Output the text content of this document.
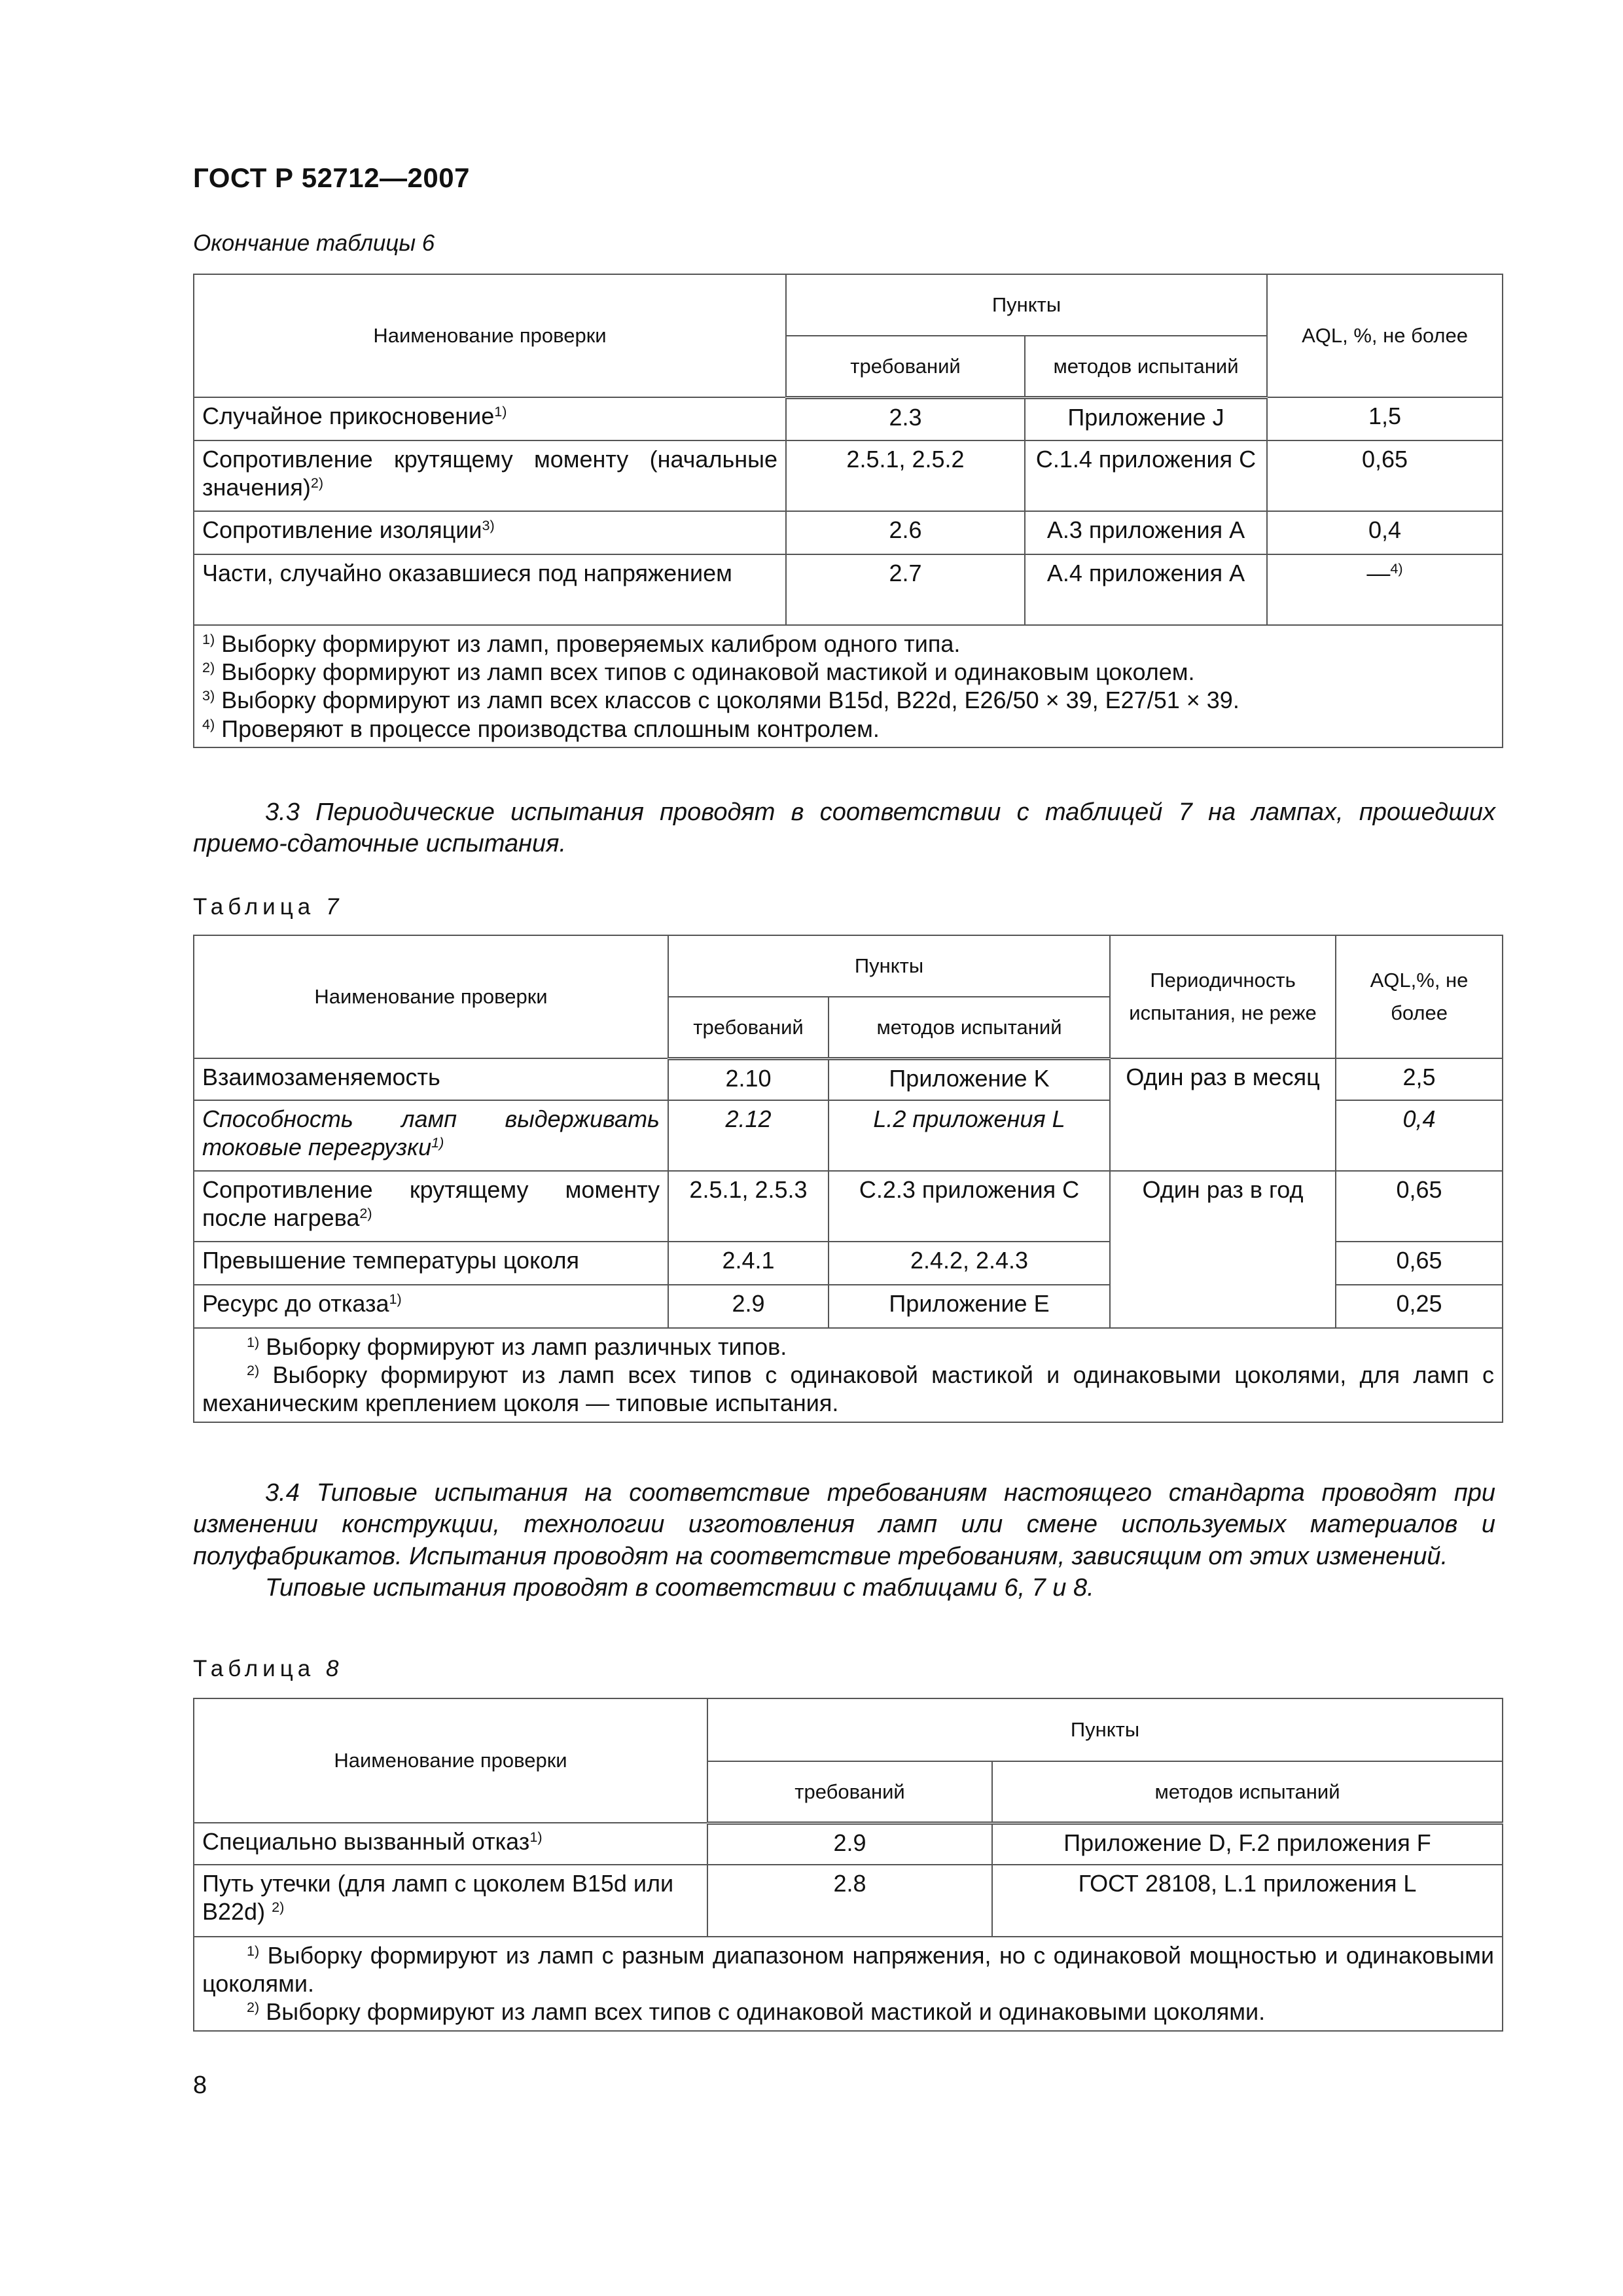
ГОСТ Р 52712—2007
Окончание таблицы 6
Наименование проверки	Пункты		AQL, %, не более
	требований	методов испытаний	
Случайное прикосновение$^{1)}$	2.3	Приложение J	1,5
Сопротивление крутящему моменту (начальные значения)$^{2)}$	2.5.1, 2.5.2	C.1.4 приложения C	0,65
Сопротивление изоляции$^{3)}$	2.6	A.3 приложения A	0,4
Части, случайно оказавшиеся под напряжением	2.7	A.4 приложения A	—$^{4)}$

$^{1)}$ Выборку формируют из ламп, проверяемых калибром одного типа.
$^{2)}$ Выборку формируют из ламп всех типов с одинаковой мастикой и одинаковым цоколем.
$^{3)}$ Выборку формируют из ламп всех классов с цоколями B15d, B22d, E26/50 × 39, E27/51 × 39.
$^{4)}$ Проверяют в процессе производства сплошным контролем.			

3.3 Периодические испытания проводят в соответствии с таблицей 7 на лампах, прошедших приемо-сдаточные испытания.

Таблица 7
Наименование проверки	Пункты		Периодичность испытания, не реже	AQL,%, не более
	требований	методов испытаний		
Взаимозаменяемость	2.10	Приложение K	Один раз в месяц	2,5
Способность ламп выдерживать токовые перегрузки$^{1)}$	2.12	L.2 приложения L		0,4
Сопротивление крутящему моменту после нагрева$^{2)}$	2.5.1, 2.5.3	C.2.3 приложения C	Один раз в год	0,65
Превышение температуры цоколя	2.4.1	2.4.2, 2.4.3		0,65
Ресурс до отказа$^{1)}$	2.9	Приложение E		0,25

$^{1)}$ Выборку формируют из ламп различных типов.
$^{2)}$ Выборку формируют из ламп всех типов с одинаковой мастикой и одинаковыми цоколями, для ламп с механическим креплением цоколя — типовые испытания.				

3.4 Типовые испытания на соответствие требованиям настоящего стандарта проводят при изменении конструкции, технологии изготовления ламп или смене используемых материалов и полуфабрикатов. Испытания проводят на соответствие требованиям, зависящим от этих изменений.

Типовые испытания проводят в соответствии с таблицами 6, 7 и 8.

Таблица 8
Наименование проверки	Пункты	
	требований	методов испытаний
Специально вызванный отказ$^{1)}$	2.9	Приложение D, F.2 приложения F
Путь утечки (для ламп с цоколем B15d или B22d) $^{2)}$	2.8	ГОСТ 28108, L.1 приложения L

$^{1)}$ Выборку формируют из ламп с разным диапазоном напряжения, но с одинаковой мощностью и одинаковыми цоколями.
$^{2)}$ Выборку формируют из ламп всех типов с одинаковой мастикой и одинаковыми цоколями.		
8
